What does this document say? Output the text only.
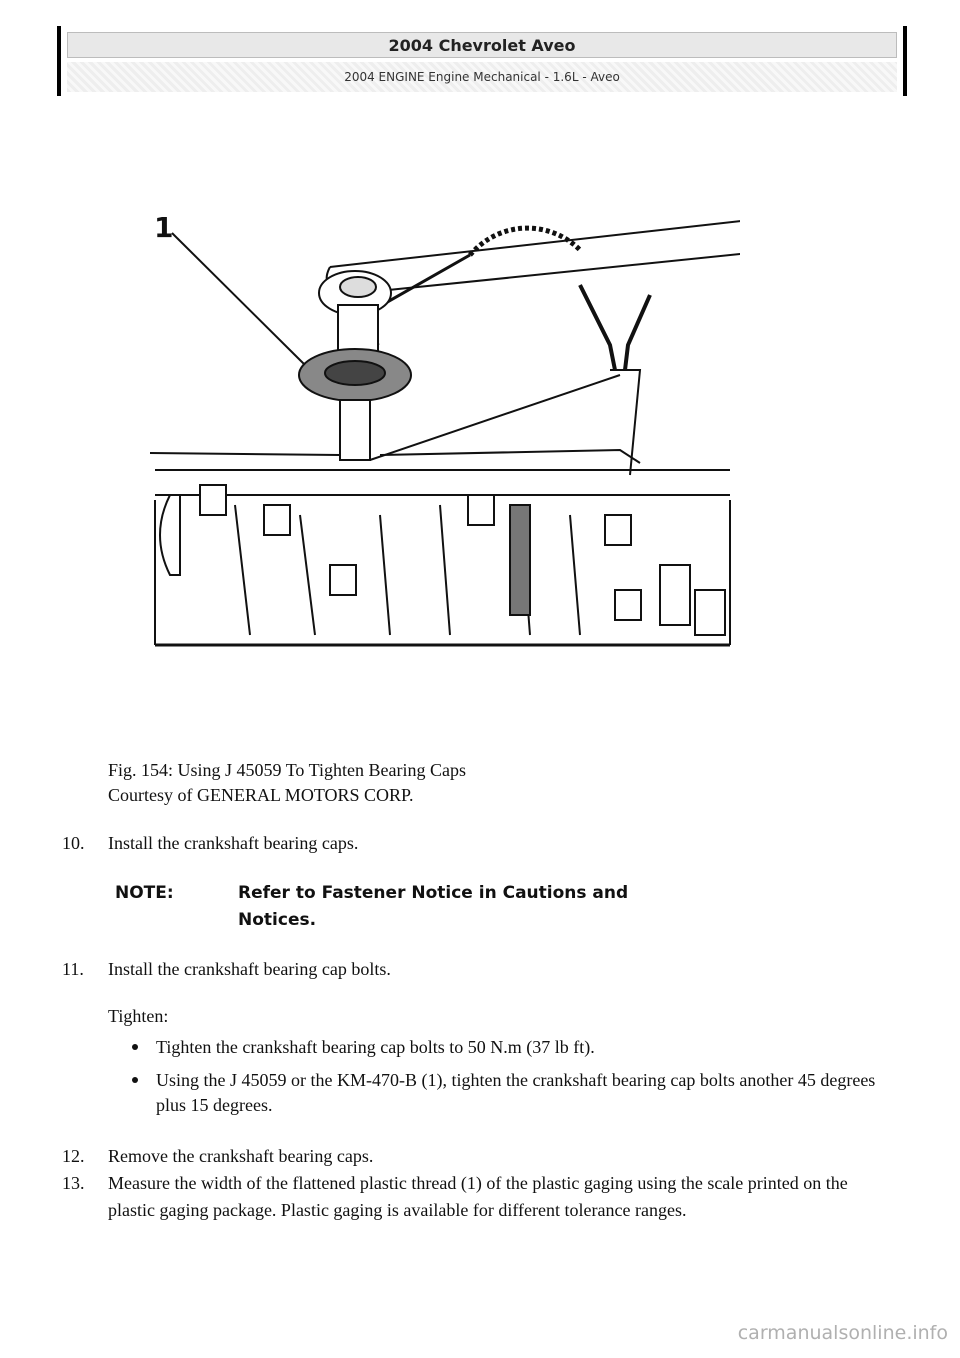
2004 Chevrolet Aveo
2004 ENGINE Engine Mechanical - 1.6L - Aveo
1
Fig. 154: Using J 45059 To Tighten Bearing Caps
Courtesy of GENERAL MOTORS CORP.
10.	Install the crankshaft bearing caps.
NOTE:	Refer to Fastener Notice in Cautions and Notices.
11.	Install the crankshaft bearing cap bolts.
Tighten:
Tighten the crankshaft bearing cap bolts to 50 N.m (37 lb ft).
Using the J 45059 or the KM-470-B (1), tighten the crankshaft bearing cap bolts another 45 degrees plus 15 degrees.
12.	Remove the crankshaft bearing caps.
13.	Measure the width of the flattened plastic thread (1) of the plastic gaging using the scale printed on the plastic gaging package. Plastic gaging is available for different tolerance ranges.
carmanualsonline.info
